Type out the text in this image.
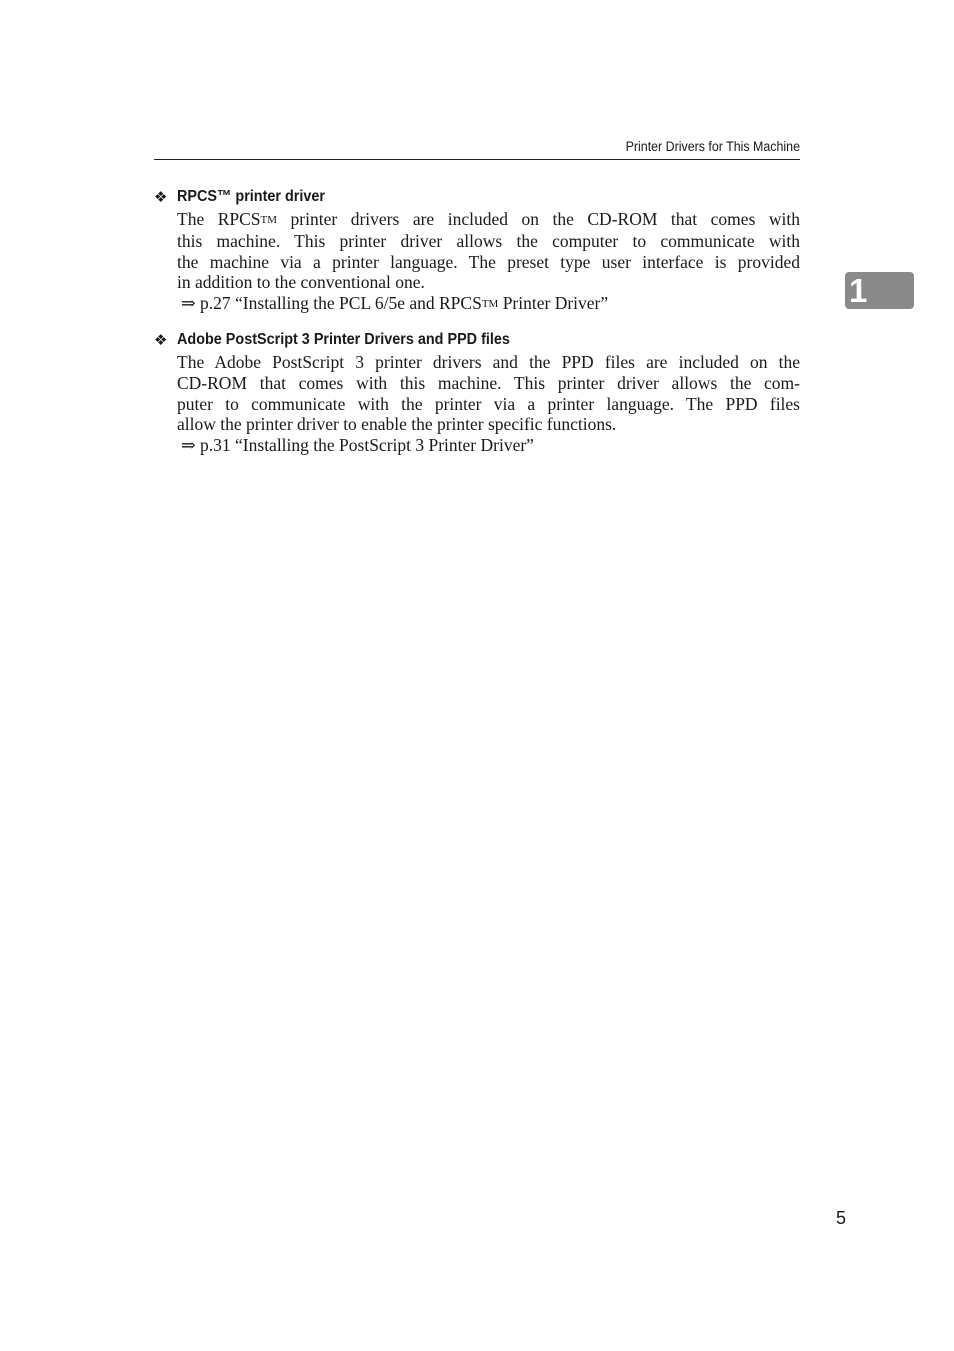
Printer Drivers for This Machine
1
❖ RPCS™ printer driver
The RPCSTM printer drivers are included on the CD-ROM that comes with
this machine. This printer driver allows the computer to communicate with
the machine via a printer language. The preset type user interface is provided
in addition to the conventional one.
⇒ p.27 “Installing the PCL 6/5e and RPCSTM Printer Driver”
❖ Adobe PostScript 3 Printer Drivers and PPD files
The Adobe PostScript 3 printer drivers and the PPD files are included on the
CD-ROM that comes with this machine. This printer driver allows the com-
puter to communicate with the printer via a printer language. The PPD files
allow the printer driver to enable the printer specific functions.
⇒ p.31 “Installing the PostScript 3 Printer Driver”
5
